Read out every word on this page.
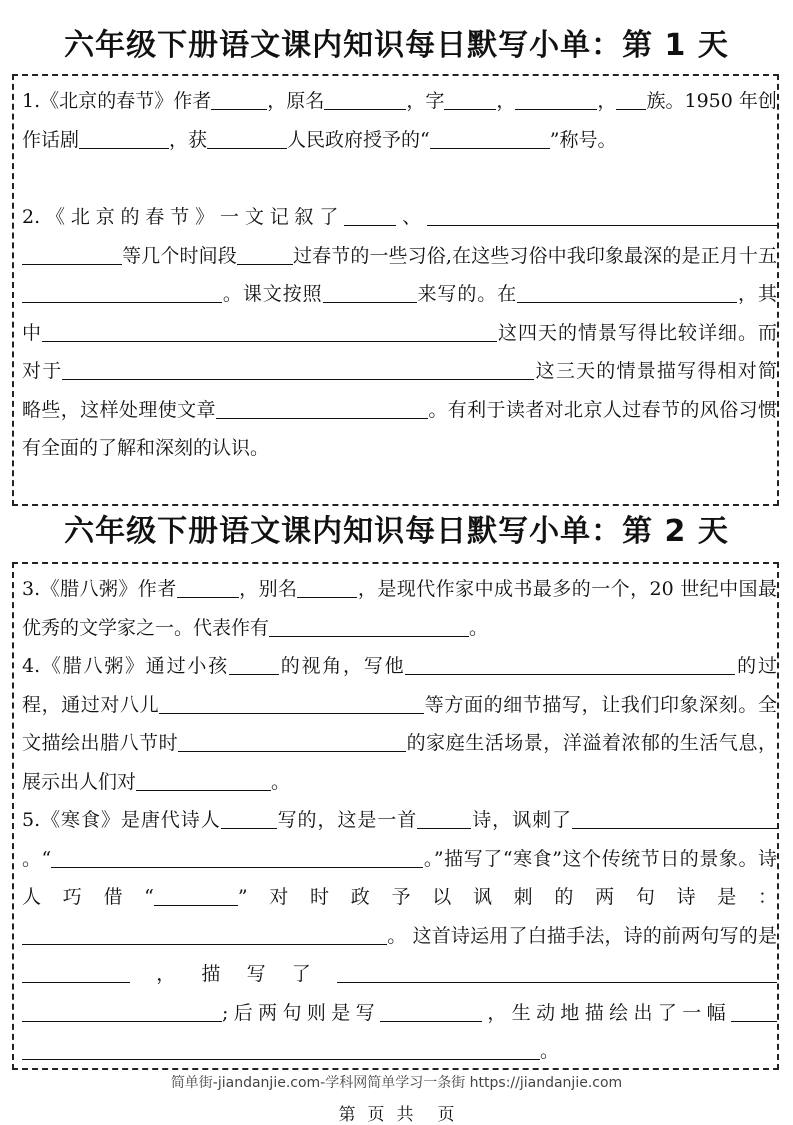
六年级下册语文课内知识每日默写小单：第 1 天

1.《北京的春节》作者	，原名	，字	，	， 族。1950 年创作话剧	，获	人民政府授予的“	”称号。

2.《北京的春节》一文记叙了	、等几个时间段	过春节的一些习俗,在这些习俗中我印象最深的是正月十五。课文按照	来写的。在	，其中	这四天的情景写得比较详细。而对于	这三天的情景描写得相对简略些，这样处理使文章	。有利于读者对北京人过春节的风俗习惯有全面的了解和深刻的认识。

六年级下册语文课内知识每日默写小单：第 2 天

3.《腊八粥》作者	，别名	，是现代作家中成书最多的一个，20 世纪中国最优秀的文学家之一。代表作有	。

4.《腊八粥》通过小孩	的视角，写他	的过程，通过对八儿	等方面的细节描写，让我们印象深刻。全文描绘出腊八节时	的家庭生活场景，洋溢着浓郁的生活气息，展示出人们对	。

5.《寒食》是唐代诗人	写的，这是一首	诗，讽刺了。“	。”描写了“寒食”这个传统节日的景象。诗人巧借“	”对时政予以讽刺的两句诗是：。 这首诗运用了白描手法，诗的前两句写的是，描写了;后两句则是写	，生动地描绘出了一幅。

简单街-jiandanjie.com-学科网简单学习一条街 https://jiandanjie.com
第 页 共 页
